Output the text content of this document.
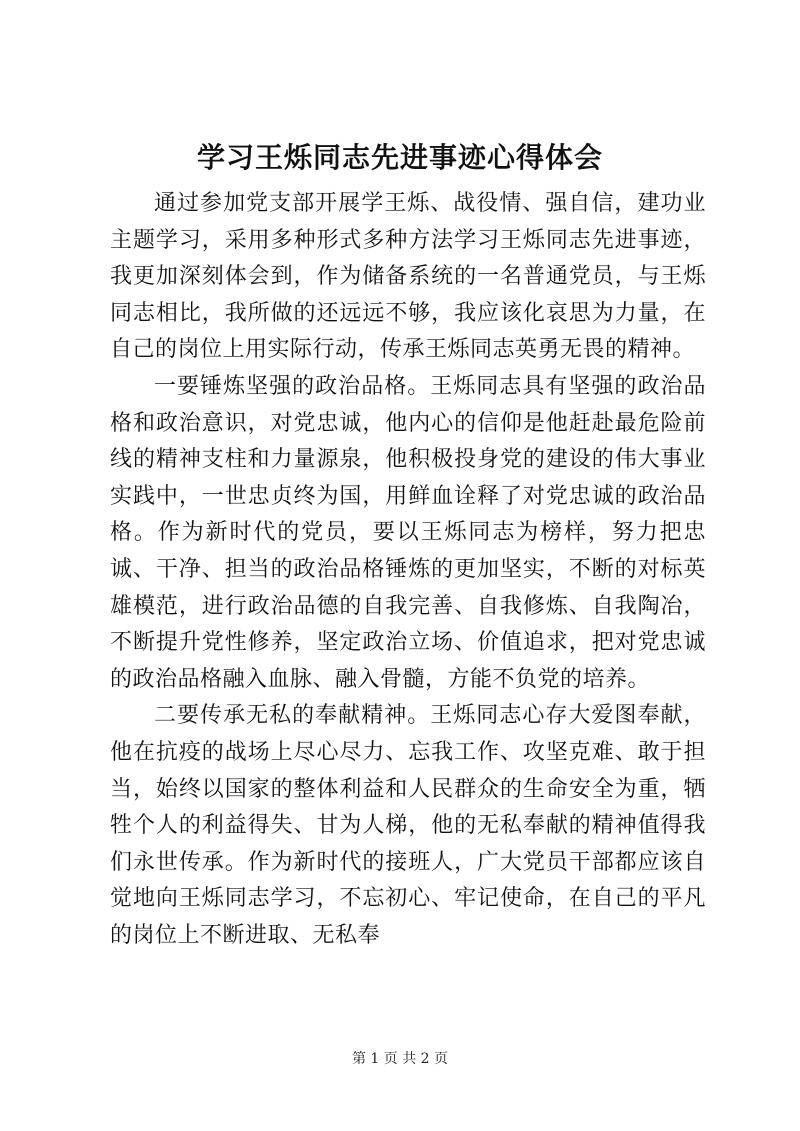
学习王烁同志先进事迹心得体会

通过参加党支部开展学王烁、战役情、强自信，建功业主题学习，采用多种形式多种方法学习王烁同志先进事迹，我更加深刻体会到，作为储备系统的一名普通党员，与王烁同志相比，我所做的还远远不够，我应该化哀思为力量，在自己的岗位上用实际行动，传承王烁同志英勇无畏的精神。

一要锤炼坚强的政治品格。王烁同志具有坚强的政治品格和政治意识，对党忠诚，他内心的信仰是他赶赴最危险前线的精神支柱和力量源泉，他积极投身党的建设的伟大事业实践中，一世忠贞终为国，用鲜血诠释了对党忠诚的政治品格。作为新时代的党员，要以王烁同志为榜样，努力把忠诚、干净、担当的政治品格锤炼的更加坚实，不断的对标英雄模范，进行政治品德的自我完善、自我修炼、自我陶冶，不断提升党性修养，坚定政治立场、价值追求，把对党忠诚的政治品格融入血脉、融入骨髓，方能不负党的培养。

二要传承无私的奉献精神。王烁同志心存大爱图奉献，他在抗疫的战场上尽心尽力、忘我工作、攻坚克难、敢于担当，始终以国家的整体利益和人民群众的生命安全为重，牺牲个人的利益得失、甘为人梯，他的无私奉献的精神值得我们永世传承。作为新时代的接班人，广大党员干部都应该自觉地向王烁同志学习，不忘初心、牢记使命，在自己的平凡的岗位上不断进取、无私奉

第 1 页 共 2 页
